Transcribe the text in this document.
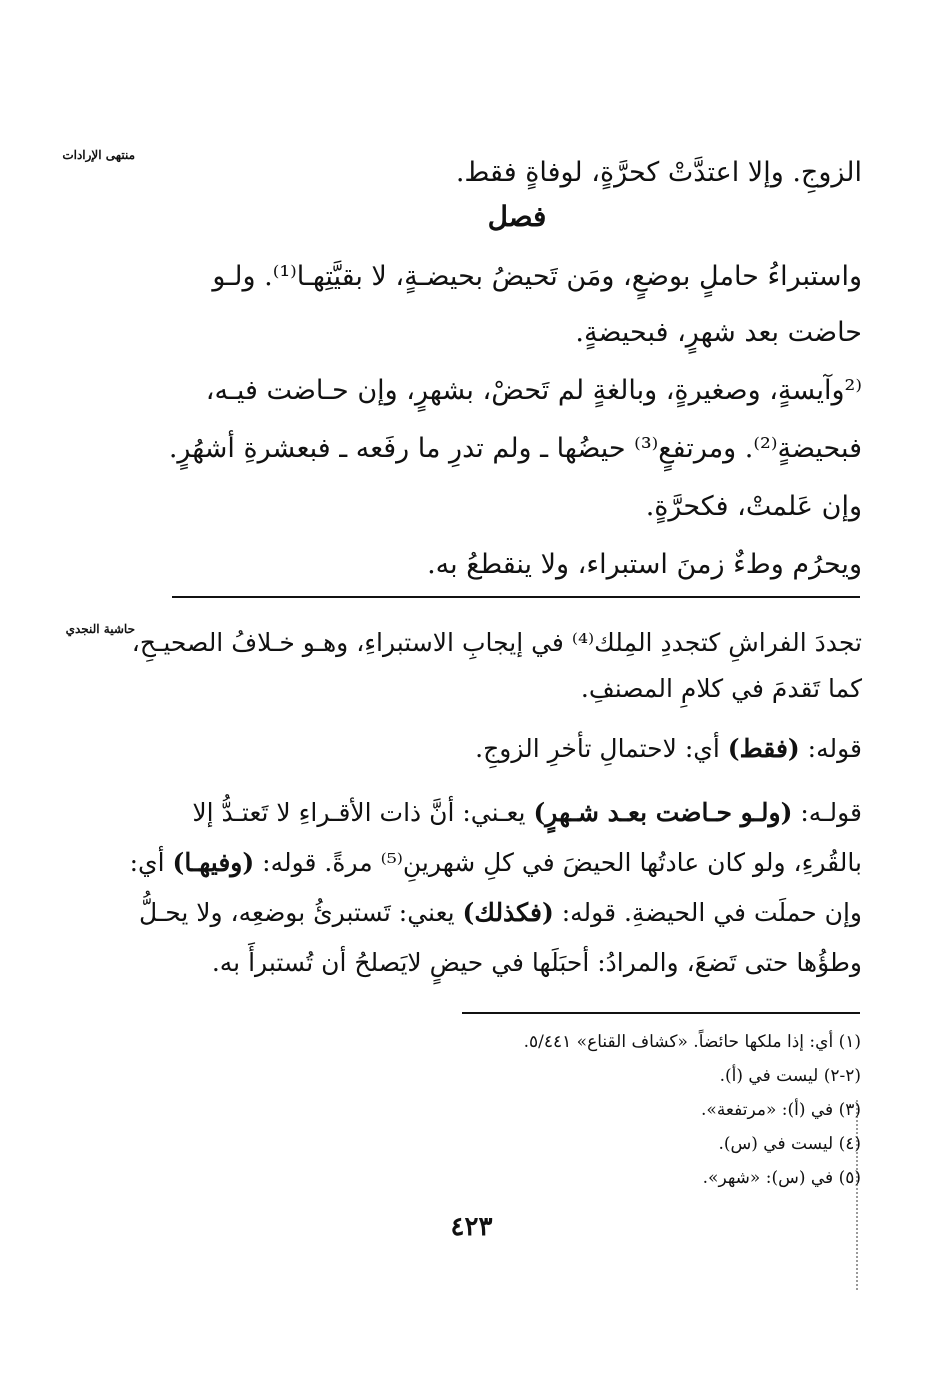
منتهى الإرادات
حاشية النجدي
الزوجِ. وإلا اعتدَّتْ كحرَّةٍ، لوفاةٍ فقط.
فصل
واستبراءُ حاملٍ بوضعٍ، ومَن تَحيضُ بحيضـةٍ، لا بقيَّتِهـا⁽¹⁾. ولـو
حاضت بعد شهرٍ، فبحيضةٍ.
⁽²وآيسةٍ، وصغيرةٍ، وبالغةٍ لم تَحضْ، بشهرٍ، وإن حـاضت فيـه،
فبحيضةٍ⁽²⁾. ومرتفعٍ⁽³⁾ حيضُها ـ ولم تدرِ ما رفَعه ـ فبعشرةِ أشهُرٍ.
وإن عَلمتْ، فكحرَّةٍ.
ويحرُم وطءٌ زمنَ استبراء، ولا ينقطعُ به.
تجددَ الفراشِ كتجددِ المِلك⁽⁴⁾ في إيجابِ الاستبراءِ، وهـو خـلافُ الصحيـحِ،
كما تَقدمَ في كلامِ المصنفِ.
قوله: (فقط) أي: لاحتمالِ تأخرِ الزوجِ.
قولـه: (ولـو حـاضت بعـد شـهرٍ) يعـني: أنَّ ذات الأقـراءِ لا تَعتـدُّ إلا
بالقُرءِ، ولو كان عادتُها الحيضَ في كلِ شهرينِ⁽⁵⁾ مرةً. قوله: (وفيهـا) أي:
وإن حملَت في الحيضةِ. قوله: (فكذلك) يعني: تَستبرئُ بوضعِه، ولا يحـلُّ
وطؤُها حتى تَضعَ، والمرادُ: أحبَلَها في حيضٍ لايَصلحُ أن تُستبرأَ به.
(١) أي: إذا ملكها حائضاً. «كشاف القناع» ٥/٤٤١.
(٢-٢) ليست في (أ).
(٣) في (أ): «مرتفعة».
(٤) ليست في (س).
(٥) في (س): «شهر».
٤٢٣
